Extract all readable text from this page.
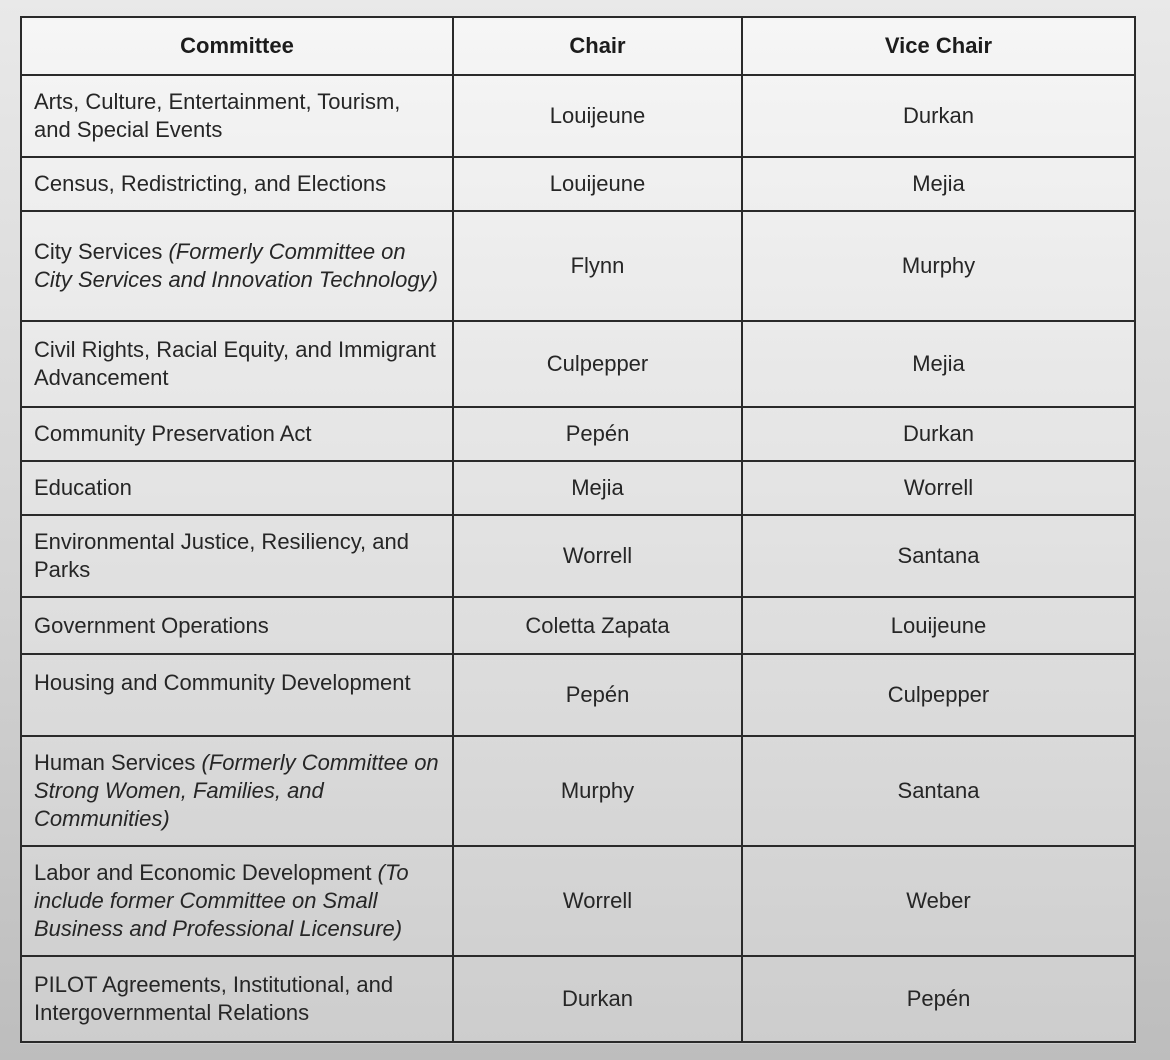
Committee	Chair	Vice Chair
Arts, Culture, Entertainment, Tourism, and Special Events	Louijeune	Durkan
Census, Redistricting, and Elections	Louijeune	Mejia
City Services (Formerly Committee on City Services and Innovation Technology)	Flynn	Murphy
Civil Rights, Racial Equity, and Immigrant Advancement	Culpepper	Mejia
Community Preservation Act	Pepén	Durkan
Education	Mejia	Worrell
Environmental Justice, Resiliency, and Parks	Worrell	Santana
Government Operations	Coletta Zapata	Louijeune
Housing and Community Development	Pepén	Culpepper
Human Services (Formerly Committee on Strong Women, Families, and Communities)	Murphy	Santana
Labor and Economic Development (To include former Committee on Small Business and Professional Licensure)	Worrell	Weber
PILOT Agreements, Institutional, and Intergovernmental Relations	Durkan	Pepén
